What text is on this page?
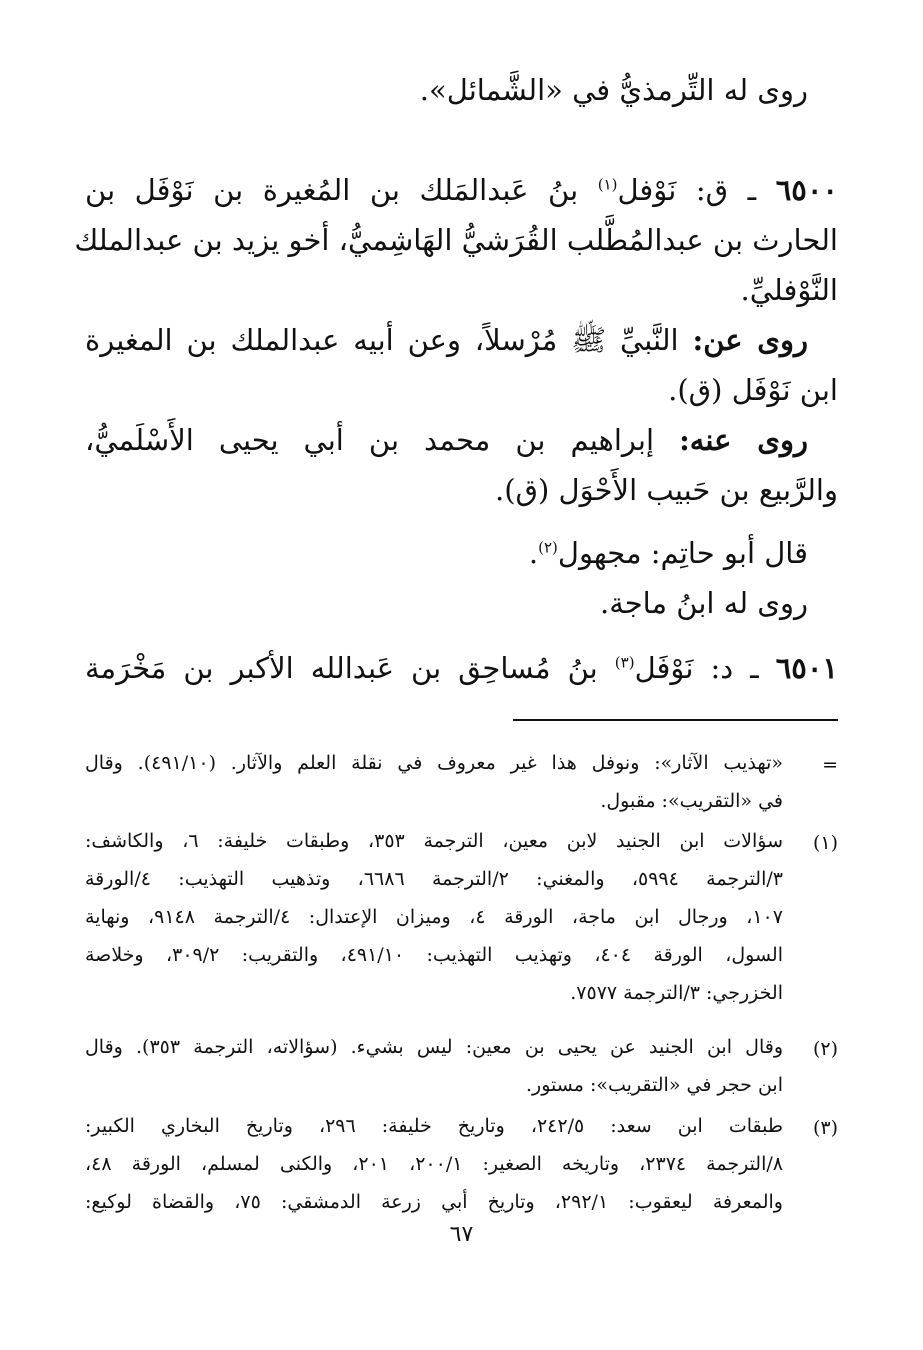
روى له التِّرمذيُّ في «الشَّمائل».
٦٥٠٠ ـ ق: نَوْفل$^{(١)}$ بنُ عَبدالمَلك بن المُغيرة بن نَوْفَل بن
الحارث بن عبدالمُطَّلب القُرَشيُّ الهَاشِميُّ، أخو يزيد بن عبدالملك
النَّوْفليِّ.
روى عن: النَّبيِّ ﷺ مُرْسلاً، وعن أبيه عبدالملك بن المغيرة
ابن نَوْفَل (ق).
روى عنه: إبراهيم بن محمد بن أبي يحيى الأَسْلَميُّ،
والرَّبيع بن حَبيب الأَحْوَل (ق).
قال أبو حاتِم: مجهول$^{(٢)}$.
روى له ابنُ ماجة.
٦٥٠١ ـ د: نَوْفَل$^{(٣)}$ بنُ مُساحِق بن عَبدالله الأكبر بن مَخْرَمة
=
«تهذيب الآثار»: ونوفل هذا غير معروف في نقلة العلم والآثار. (٤٩١/١٠). وقال
في «التقريب»: مقبول.
(١)
سؤالات ابن الجنيد لابن معين، الترجمة ٣٥٣، وطبقات خليفة: ٦، والكاشف:
٣/الترجمة ٥٩٩٤، والمغني: ٢/الترجمة ٦٦٨٦، وتذهيب التهذيب: ٤/الورقة
١٠٧، ورجال ابن ماجة، الورقة ٤، وميزان الإعتدال: ٤/الترجمة ٩١٤٨، ونهاية
السول، الورقة ٤٠٤، وتهذيب التهذيب: ٤٩١/١٠، والتقريب: ٣٠٩/٢، وخلاصة
الخزرجي: ٣/الترجمة ٧٥٧٧.
(٢)
وقال ابن الجنيد عن يحيى بن معين: ليس بشيء. (سؤالاته، الترجمة ٣٥٣). وقال
ابن حجر في «التقريب»: مستور.
(٣)
طبقات ابن سعد: ٢٤٢/٥، وتاريخ خليفة: ٢٩٦، وتاريخ البخاري الكبير:
٨/الترجمة ٢٣٧٤، وتاريخه الصغير: ٢٠٠/١، ٢٠١، والكنى لمسلم، الورقة ٤٨،
والمعرفة ليعقوب: ٢٩٢/١، وتاريخ أبي زرعة الدمشقي: ٧٥، والقضاة لوكيع:
٦٧
